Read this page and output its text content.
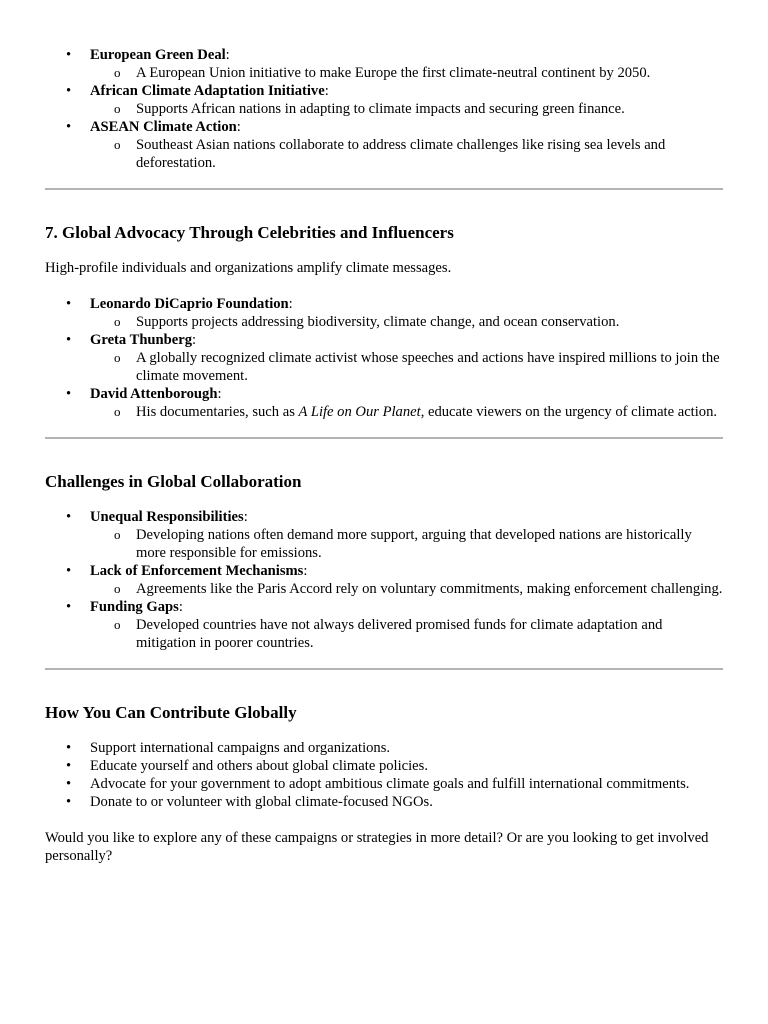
• European Green Deal:
o A European Union initiative to make Europe the first climate-neutral continent by 2050.
• African Climate Adaptation Initiative:
o Supports African nations in adapting to climate impacts and securing green finance.
• ASEAN Climate Action:
o Southeast Asian nations collaborate to address climate challenges like rising sea levels and deforestation.
7. Global Advocacy Through Celebrities and Influencers

High-profile individuals and organizations amplify climate messages.

• Leonardo DiCaprio Foundation:
o Supports projects addressing biodiversity, climate change, and ocean conservation.
• Greta Thunberg:
o A globally recognized climate activist whose speeches and actions have inspired millions to join the climate movement.
• David Attenborough:
o His documentaries, such as A Life on Our Planet, educate viewers on the urgency of climate action.
Challenges in Global Collaboration
• Unequal Responsibilities:
o Developing nations often demand more support, arguing that developed nations are historically more responsible for emissions.
• Lack of Enforcement Mechanisms:
o Agreements like the Paris Accord rely on voluntary commitments, making enforcement challenging.
• Funding Gaps:
o Developed countries have not always delivered promised funds for climate adaptation and mitigation in poorer countries.
How You Can Contribute Globally
• Support international campaigns and organizations.
• Educate yourself and others about global climate policies.
• Advocate for your government to adopt ambitious climate goals and fulfill international commitments.
• Donate to or volunteer with global climate-focused NGOs.

Would you like to explore any of these campaigns or strategies in more detail? Or are you looking to get involved personally?
